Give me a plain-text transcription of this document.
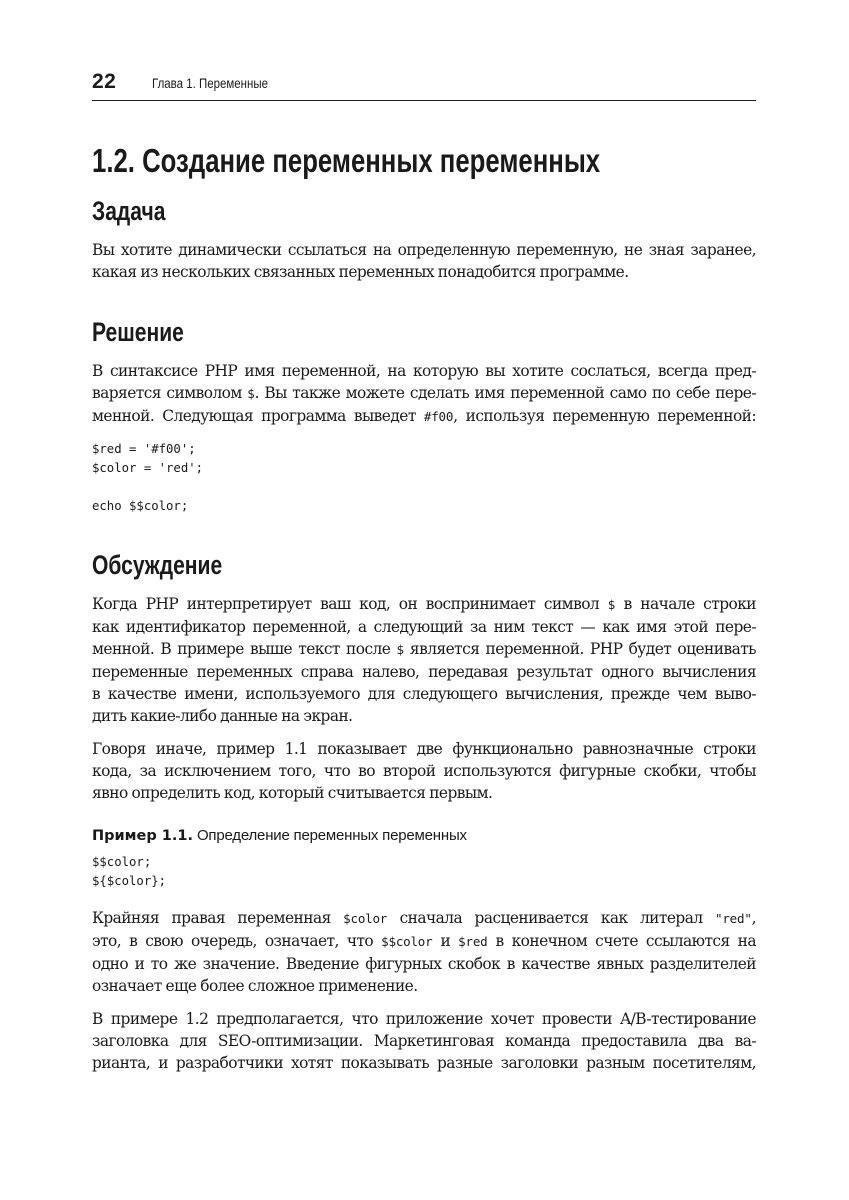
22	Глава 1. Переменные
1.2. Создание переменных переменных
Задача
Вы хотите динамически ссылаться на определенную переменную, не зная заранее,
какая из нескольких связанных переменных понадобится программе.
Решение
В синтаксисе PHP имя переменной, на которую вы хотите сослаться, всегда пред-
варяется символом $. Вы также можете сделать имя переменной само по себе пере-
менной. Следующая программа выведет #f00, используя переменную переменной:
$red = '#f00';
$color = 'red';

echo $$color;
Обсуждение
Когда PHP интерпретирует ваш код, он воспринимает символ $ в начале строки
как идентификатор переменной, а следующий за ним текст — как имя этой пере-
менной. В примере выше текст после $ является переменной. PHP будет оценивать
переменные переменных справа налево, передавая результат одного вычисления
в качестве имени, используемого для следующего вычисления, прежде чем выво-
дить какие-либо данные на экран.
Говоря иначе, пример 1.1 показывает две функционально равнозначные строки
кода, за исключением того, что во второй используются фигурные скобки, чтобы
явно определить код, который считывается первым.

Пример 1.1. Определение переменных переменных

$$color;
${$color};
Крайняя правая переменная $color сначала расценивается как литерал "red",
это, в свою очередь, означает, что $$color и $red в конечном счете ссылаются на
одно и то же значение. Введение фигурных скобок в качестве явных разделителей
означает еще более сложное применение.
В примере 1.2 предполагается, что приложение хочет провести A/B-тестирование
заголовка для SEO-оптимизации. Маркетинговая команда предоставила два ва-
рианта, и разработчики хотят показывать разные заголовки разным посетителям,
